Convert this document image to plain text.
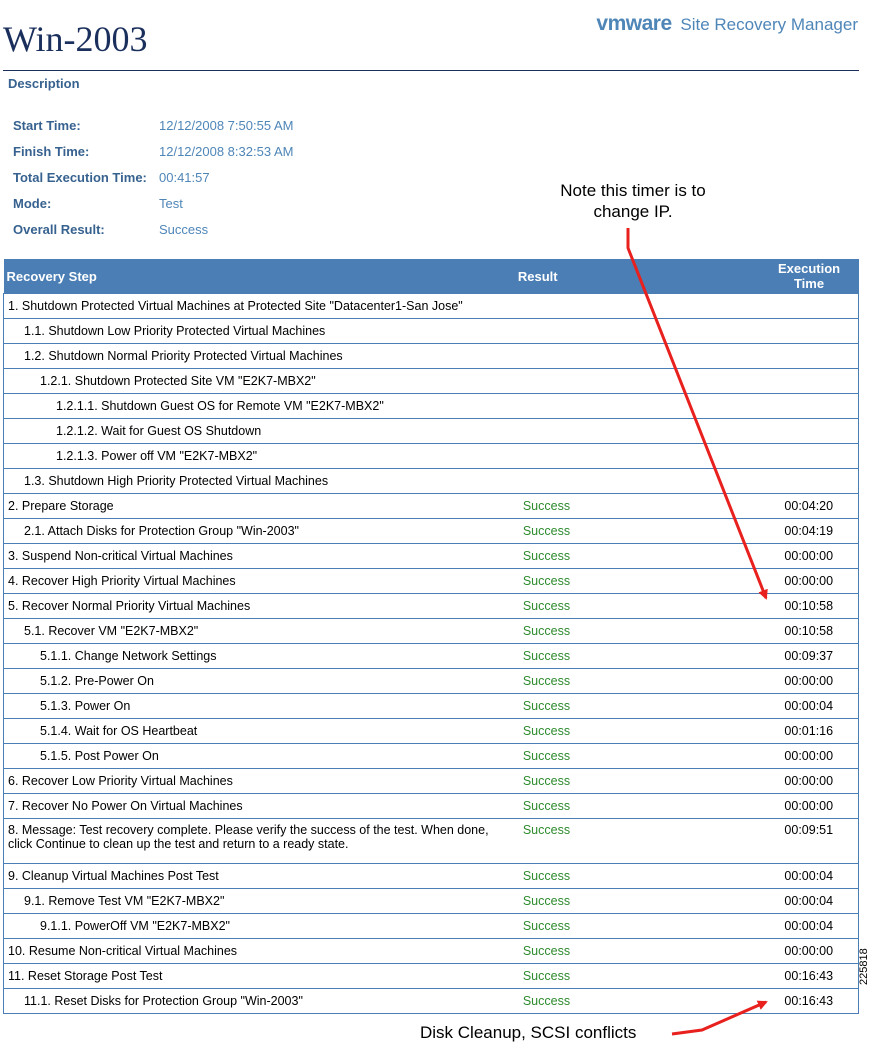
Win-2003	vmware Site Recovery Manager
Description
Start Time:	12/12/2008 7:50:55 AM
Finish Time:	12/12/2008 8:32:53 AM
Total Execution Time: 00:41:57
Mode:	Test
Overall Result:	Success
Note this timer is to change IP.
Recovery Step	Result	Execution Time
1. Shutdown Protected Virtual Machines at Protected Site "Datacenter1-San Jose"		
1.1. Shutdown Low Priority Protected Virtual Machines		
1.2. Shutdown Normal Priority Protected Virtual Machines		
1.2.1. Shutdown Protected Site VM "E2K7-MBX2"		
1.2.1.1. Shutdown Guest OS for Remote VM "E2K7-MBX2"		
1.2.1.2. Wait for Guest OS Shutdown		
1.2.1.3. Power off VM "E2K7-MBX2"		
1.3. Shutdown High Priority Protected Virtual Machines		
2. Prepare Storage	Success	00:04:20
2.1. Attach Disks for Protection Group "Win-2003"	Success	00:04:19
3. Suspend Non-critical Virtual Machines	Success	00:00:00
4. Recover High Priority Virtual Machines	Success	00:00:00
5. Recover Normal Priority Virtual Machines	Success	00:10:58
5.1. Recover VM "E2K7-MBX2"	Success	00:10:58
5.1.1. Change Network Settings	Success	00:09:37
5.1.2. Pre-Power On	Success	00:00:00
5.1.3. Power On	Success	00:00:04
5.1.4. Wait for OS Heartbeat	Success	00:01:16
5.1.5. Post Power On	Success	00:00:00
6. Recover Low Priority Virtual Machines	Success	00:00:00
7. Recover No Power On Virtual Machines	Success	00:00:00
8. Message: Test recovery complete. Please verify the success of the test. When done, click Continue to clean up the test and return to a ready state.	Success	00:09:51
9. Cleanup Virtual Machines Post Test	Success	00:00:04
9.1. Remove Test VM "E2K7-MBX2"	Success	00:00:04
9.1.1. PowerOff VM "E2K7-MBX2"	Success	00:00:04
10. Resume Non-critical Virtual Machines	Success	00:00:00
11. Reset Storage Post Test	Success	00:16:43
11.1. Reset Disks for Protection Group "Win-2003"	Success	00:16:43
Disk Cleanup, SCSI conflicts
225818
